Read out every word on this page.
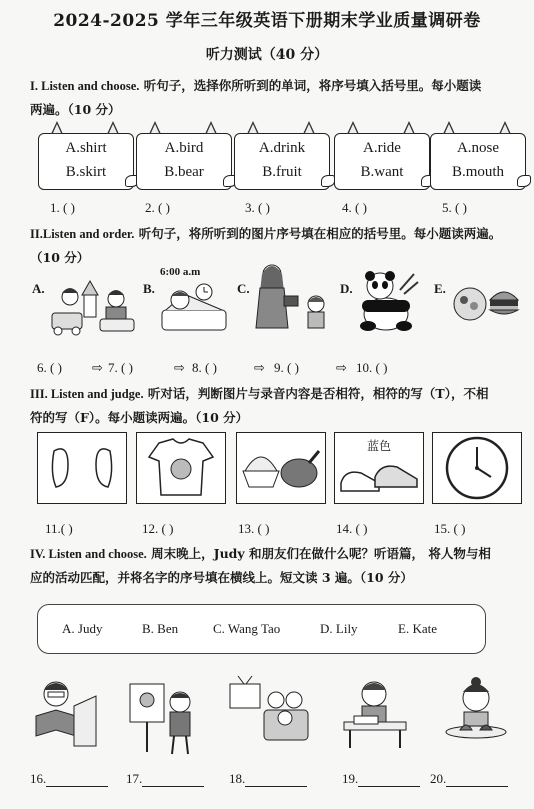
2024-2025 学年三年级英语下册期末学业质量调研卷
听力测试（40 分）
I. Listen and choose. 听句子，选择你所听到的单词，将序号填入括号里。每小题读
两遍。（10 分）
A.shirt
B.skirt
A.bird
B.bear
A.drink
B.fruit
A.ride
B.want
A.nose
B.mouth
1. ( )	2. ( )	3. ( )	4. ( )	5. ( )
II.Listen and order. 听句子，将所听到的图片序号填在相应的括号里。每小题读两遍。
（10 分）
A.	B.	C.	D.	E.
6:00 a.m
6. ( ) ⇨ 7. ( )	⇨ 8. ( )	⇨ 9. ( )	⇨ 10. ( )
III. Listen and judge. 听对话，判断图片与录音内容是否相符，相符的写（T），不相
符的写（F）。每小题读两遍。（10 分）
蓝色
11.( )	12. ( )	13. ( )	14. ( )	15. ( )
IV. Listen and choose. 周末晚上，Judy 和朋友们在做什么呢？听语篇， 将人物与相
应的活动匹配，并将名字的序号填在横线上。短文读 3 遍。（10 分）
A. Judy	B. Ben	C. Wang Tao	D. Lily	E. Kate
16.	17.	18.	19.	20.
